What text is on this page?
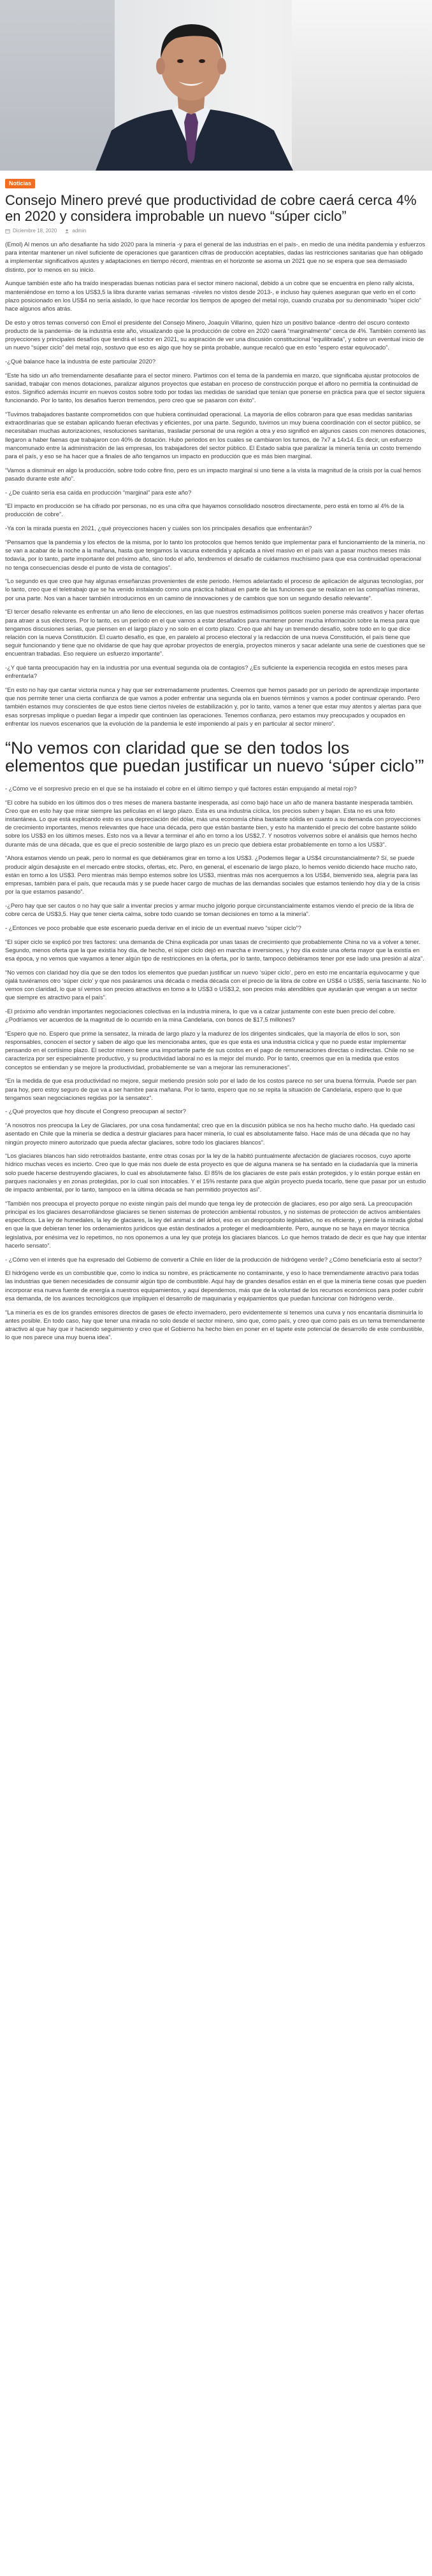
Noticias
Consejo Minero prevé que productividad de cobre caerá cerca 4% en 2020 y considera improbable un nuevo “súper ciclo”
Diciembre 18, 2020	admin

(Emol) Al menos un año desafiante ha sido 2020 para la minería -y para el general de las industrias en el país-, en medio de una inédita pandemia y esfuerzos para intentar mantener un nivel suficiente de operaciones que garanticen cifras de producción aceptables, dadas las restricciones sanitarias que han obligado a implementar significativos ajustes y adaptaciones en tiempo récord, mientras en el horizonte se asoma un 2021 que no se espera que sea demasiado distinto, por lo menos en su inicio.

Aunque también este año ha traído inesperadas buenas noticias para el sector minero nacional, debido a un cobre que se encuentra en pleno rally alcista, manteniéndose en torno a los US$3,5 la libra durante varias semanas -niveles no vistos desde 2013-, e incluso hay quienes aseguran que verlo en el corto plazo posicionado en los US$4 no sería aislado, lo que hace recordar los tiempos de apogeo del metal rojo, cuando cruzaba por su denominado “súper ciclo” hace algunos años atrás.

De esto y otros temas conversó con Emol el presidente del Consejo Minero, Joaquín Villarino, quien hizo un positivo balance -dentro del oscuro contexto producto de la pandemia- de la industria este año, visualizando que la producción de cobre en 2020 caerá “marginalmente” cerca de 4%. También comentó las proyecciones y principales desafíos que tendrá el sector en 2021, su aspiración de ver una discusión constitucional “equilibrada”, y sobre un eventual inicio de un nuevo “súper ciclo” del metal rojo, sostuvo que eso es algo que hoy se pinta probable, aunque recalcó que en esto “espero estar equivocado”.

-¿Qué balance hace la industria de este particular 2020?

“Este ha sido un año tremendamente desafiante para el sector minero. Partimos con el tema de la pandemia en marzo, que significaba ajustar protocolos de sanidad, trabajar con menos dotaciones, paralizar algunos proyectos que estaban en proceso de construcción porque el afloro no permitía la continuidad de estos. Significó además incurrir en nuevos costos sobre todo por todas las medidas de sanidad que tenían que ponerse en práctica para que el sector siguiera funcionando. Por lo tanto, los desafíos fueron tremendos, pero creo que se pasaron con éxito”.

“Tuvimos trabajadores bastante comprometidos con que hubiera continuidad operacional. La mayoría de ellos cobraron para que esas medidas sanitarias extraordinarias que se estaban aplicando fueran efectivas y eficientes, por una parte. Segundo, tuvimos un muy buena coordinación con el sector público, se necesitaban muchas autorizaciones, resoluciones sanitarias, trasladar personal de una región a otra y eso significó en algunos casos con menores dotaciones, llegaron a haber faenas que trabajaron con 40% de dotación. Hubo periodos en los cuales se cambiaron los turnos, de 7x7 a 14x14. Es decir, un esfuerzo mancomunado entre la administración de las empresas, los trabajadores del sector público. El Estado sabía que paralizar la minería tenía un costo tremendo para el país, y eso se ha hacer que a finales de año tengamos un impacto en producción que es más bien marginal.

“Vamos a disminuir en algo la producción, sobre todo cobre fino, pero es un impacto marginal si uno tiene a la vista la magnitud de la crisis por la cual hemos pasado durante este año”.

- ¿De cuánto sería esa caída en producción “marginal” para este año?

“El impacto en producción se ha cifrado por personas, no es una cifra que hayamos consolidado nosotros directamente, pero está en torno al 4% de la producción de cobre”.

-Ya con la mirada puesta en 2021, ¿qué proyecciones hacen y cuáles son los principales desafíos que enfrentarán?

“Pensamos que la pandemia y los efectos de la misma, por lo tanto los protocolos que hemos tenido que implementar para el funcionamiento de la minería, no se van a acabar de la noche a la mañana, hasta que tengamos la vacuna extendida y aplicada a nivel masivo en el país van a pasar muchos meses más todavía, por lo tanto, parte importante del próximo año, sino todo el año, tendremos el desafío de cuidarnos muchísimo para que esa continuidad operacional no tenga consecuencias desde el punto de vista de contagios”.

“Lo segundo es que creo que hay algunas enseñanzas provenientes de este periodo. Hemos adelantado el proceso de aplicación de algunas tecnologías, por lo tanto, creo que el teletrabajo que se ha venido instalando como una práctica habitual en parte de las funciones que se realizan en las compañías mineras, por una parte. Nos van a hacer también introducirnos en un camino de innovaciones y de cambios que son un segundo desafío relevante”.

“El tercer desafío relevante es enfrentar un año lleno de elecciones, en las que nuestros estimadísimos políticos suelen ponerse más creativos y hacer ofertas para atraer a sus electores. Por lo tanto, es un período en el que vamos a estar desafiados para mantener poner mucha información sobre la mesa para que tengamos discusiones serias, que piensen en el largo plazo y no solo en el corto plazo. Creo que ahí hay un tremendo desafío, sobre todo en lo que dice relación con la nueva Constitución. El cuarto desafío, es que, en paralelo al proceso electoral y la redacción de una nueva Constitución, el país tiene que seguir funcionando y tiene que no olvidarse de que hay que aprobar proyectos de energía, proyectos mineros y sacar adelante una serie de cuestiones que se encuentran trabadas. Eso requiere un esfuerzo importante”.

-¿Y qué tanta preocupación hay en la industria por una eventual segunda ola de contagios? ¿Es suficiente la experiencia recogida en estos meses para enfrentarla?

“En esto no hay que cantar victoria nunca y hay que ser extremadamente prudentes. Creemos que hemos pasado por un período de aprendizaje importante que nos permite tener una cierta confianza de que vamos a poder enfrentar una segunda ola en buenos términos y vamos a poder continuar operando. Pero también estamos muy conscientes de que estos tiene ciertos niveles de estabilización y, por lo tanto, vamos a tener que estar muy atentos y alertas para que esas sorpresas implique o puedan llegar a impedir que continúen las operaciones. Tenemos confianza, pero estamos muy preocupados y ocupados en enfrentar los nuevos escenarios que la evolución de la pandemia le esté imponiendo al país y en particular al sector minero”.

“No vemos con claridad que se den todos los elementos que puedan justificar un nuevo ‘súper ciclo’”

- ¿Cómo ve el sorpresivo precio en el que se ha instalado el cobre en el último tiempo y qué factores están empujando al metal rojo?

“El cobre ha subido en los últimos dos o tres meses de manera bastante inesperada, así como bajó hace un año de manera bastante inesperada también. Creo que en esto hay que mirar siempre las películas en el largo plazo. Esta es una industria cíclica, los precios suben y bajan. Esta no es una foto instantánea. Lo que está explicando esto es una depreciación del dólar, más una economía china bastante sólida en cuanto a su demanda con proyecciones de crecimiento importantes, menos relevantes que hace una década, pero que están bastante bien, y esto ha mantenido el precio del cobre bastante sólido sobre los US$3 en los últimos meses. Esto nos va a llevar a terminar el año en torno a los US$2,7. Y nosotros volvemos sobre el análisis que hemos hecho durante más de una década, que es que el precio sostenible de largo plazo es un precio que debiera estar probablemente en torno a los US$3”.

“Ahora estamos viendo un peak, pero lo normal es que debiéramos girar en torno a los US$3. ¿Podemos llegar a US$4 circunstancialmente? Sí, se puede producir algún desajuste en el mercado entre stocks, ofertas, etc. Pero, en general, el escenario de largo plazo, lo hemos venido diciendo hace mucho rato, están en torno a los US$3. Pero mientras más tiempo estemos sobre los US$3, mientras más nos acerquemos a los US$4, bienvenido sea, alegría para las empresas, también para el país, que recauda más y se puede hacer cargo de muchas de las demandas sociales que estamos teniendo hoy día y de la crisis por la que estamos pasando”.

-¿Pero hay que ser cautos o no hay que salir a inventar precios y armar mucho jolgorio porque circunstancialmente estamos viendo el precio de la libra de cobre cerca de US$3,5. Hay que tener cierta calma, sobre todo cuando se toman decisiones en torno a la minería”.

- ¿Entonces ve poco probable que este escenario pueda derivar en el inicio de un eventual nuevo “súper ciclo”?

“El súper ciclo se explicó por tres factores: una demanda de China explicada por unas tasas de crecimiento que probablemente China no va a volver a tener. Segundo, menos oferta que la que existía hoy día, de hecho, el súper ciclo dejó en marcha e inversiones, y hoy día existe una oferta mayor que la existía en esa época, y no vemos que vayamos a tener algún tipo de restricciones en la oferta, por lo tanto, tampoco debiéramos tener por ese lado una presión al alza”.

“No vemos con claridad hoy día que se den todos los elementos que puedan justificar un nuevo ‘súper ciclo’, pero en esto me encantaría equivocarme y que ojalá tuviéramos otro ‘súper ciclo’ y que nos pasáramos una década o media década con el precio de la libra de cobre en US$4 o US$5, sería fascinante. No lo vemos con claridad, lo que sí vemos son precios atractivos en torno a lo US$3 o US$3,2, son precios más atendibles que ayudarán que vengan a un sector que siempre es atractivo para el país”.

-El próximo año vendrán importantes negociaciones colectivas en la industria minera, lo que va a calzar justamente con este buen precio del cobre. ¿Podríamos ver acuerdos de la magnitud de lo ocurrido en la mina Candelaria, con bonos de $17,5 millones?

“Espero que no. Espero que prime la sensatez, la mirada de largo plazo y la madurez de los dirigentes sindicales, que la mayoría de ellos lo son, son responsables, conocen el sector y saben de algo que les mencionaba antes, que es que esta es una industria cíclica y que no puede estar implementar pensando en el cortísimo plazo. El sector minero tiene una importante parte de sus costos en el pago de remuneraciones directas o indirectas. Chile no se caracteriza por ser especialmente productivo, y su productividad laboral no es la mejor del mundo. Por lo tanto, creemos que en la medida que estos conceptos se entiendan y se mejore la productividad, probablemente se van a mejorar las remuneraciones”.

“En la medida de que esa productividad no mejore, seguir metiendo presión solo por el lado de los costos parece no ser una buena fórmula. Puede ser pan para hoy, pero estoy seguro de que va a ser hambre para mañana. Por lo tanto, espero que no se repita la situación de Candelaria, espero que lo que tengamos sean negociaciones regidas por la sensatez”.

- ¿Qué proyectos que hoy discute el Congreso preocupan al sector?

“A nosotros nos preocupa la Ley de Glaciares, por una cosa fundamental; creo que en la discusión pública se nos ha hecho mucho daño. Ha quedado casi asentado en Chile que la minería se dedica a destruir glaciares para hacer minería, lo cual es absolutamente falso. Hace más de una década que no hay ningún proyecto minero autorizado que pueda afectar glaciares, sobre todo los glaciares blancos”.

“Los glaciares blancos han sido retrotraídos bastante, entre otras cosas por la ley de la habitó puntualmente afectación de glaciares rocosos, cuyo aporte hídrico muchas veces es incierto. Creo que lo que más nos duele de esta proyecto es que de alguna manera se ha sentado en la ciudadanía que la minería solo puede hacerse destruyendo glaciares, lo cual es absolutamente falso. El 85% de los glaciares de este país están protegidos, y lo están porque están en parques nacionales y en zonas protegidas, por lo cual son intocables. Y el 15% restante para que algún proyecto pueda tocarlo, tiene que pasar por un estudio de impacto ambiental, por lo tanto, tampoco en la última década se han permitido proyectos así”.

“También nos preocupa el proyecto porque no existe ningún país del mundo que tenga ley de protección de glaciares, eso por algo será. La preocupación principal es los glaciares desarrollándose glaciares se tienen sistemas de protección ambiental robustos, y no sistemas de protección de activos ambientales específicos. La ley de humedales, la ley de glaciares, la ley del animal x del árbol, eso es un despropósito legislativo, no es eficiente, y pierde la mirada global en que la que debieran tener los ordenamientos jurídicos que están destinados a proteger el medioambiente. Pero, aunque no se haya en mayor técnica legislativa, por enésima vez lo repetimos, no nos oponemos a una ley que proteja los glaciares blancos. Lo que hemos tratado de decir es que hay que intentar hacerlo sensato”.

- ¿Cómo ven el interés que ha expresado del Gobierno de convertir a Chile en líder de la producción de hidrógeno verde? ¿Cómo beneficiaría esto al sector?

El hidrógeno verde es un combustible que, como lo indica su nombre, es prácticamente no contaminante, y eso lo hace tremendamente atractivo para todas las industrias que tienen necesidades de consumir algún tipo de combustible. Aquí hay de grandes desafíos están en el que la minería tiene cosas que pueden incorporar esa nueva fuente de energía a nuestros equipamientos, y aquí dependemos, más que de la voluntad de los recursos económicos para poder cubrir esa demanda, de los avances tecnológicos que impliquen el desarrollo de maquinaria y equipamientos que puedan funcionar con hidrógeno verde.

“La minería es es de los grandes emisores directos de gases de efecto invernadero, pero evidentemente si tenemos una curva y nos encantaría disminuirla lo antes posible. En todo caso, hay que tener una mirada no solo desde el sector minero, sino que, como país, y creo que como país es un tema tremendamente atractivo al que hay que ir haciendo seguimiento y creo que el Gobierno ha hecho bien en poner en el tapete este potencial de desarrollo de este combustible, lo que nos parece una muy buena idea”.
